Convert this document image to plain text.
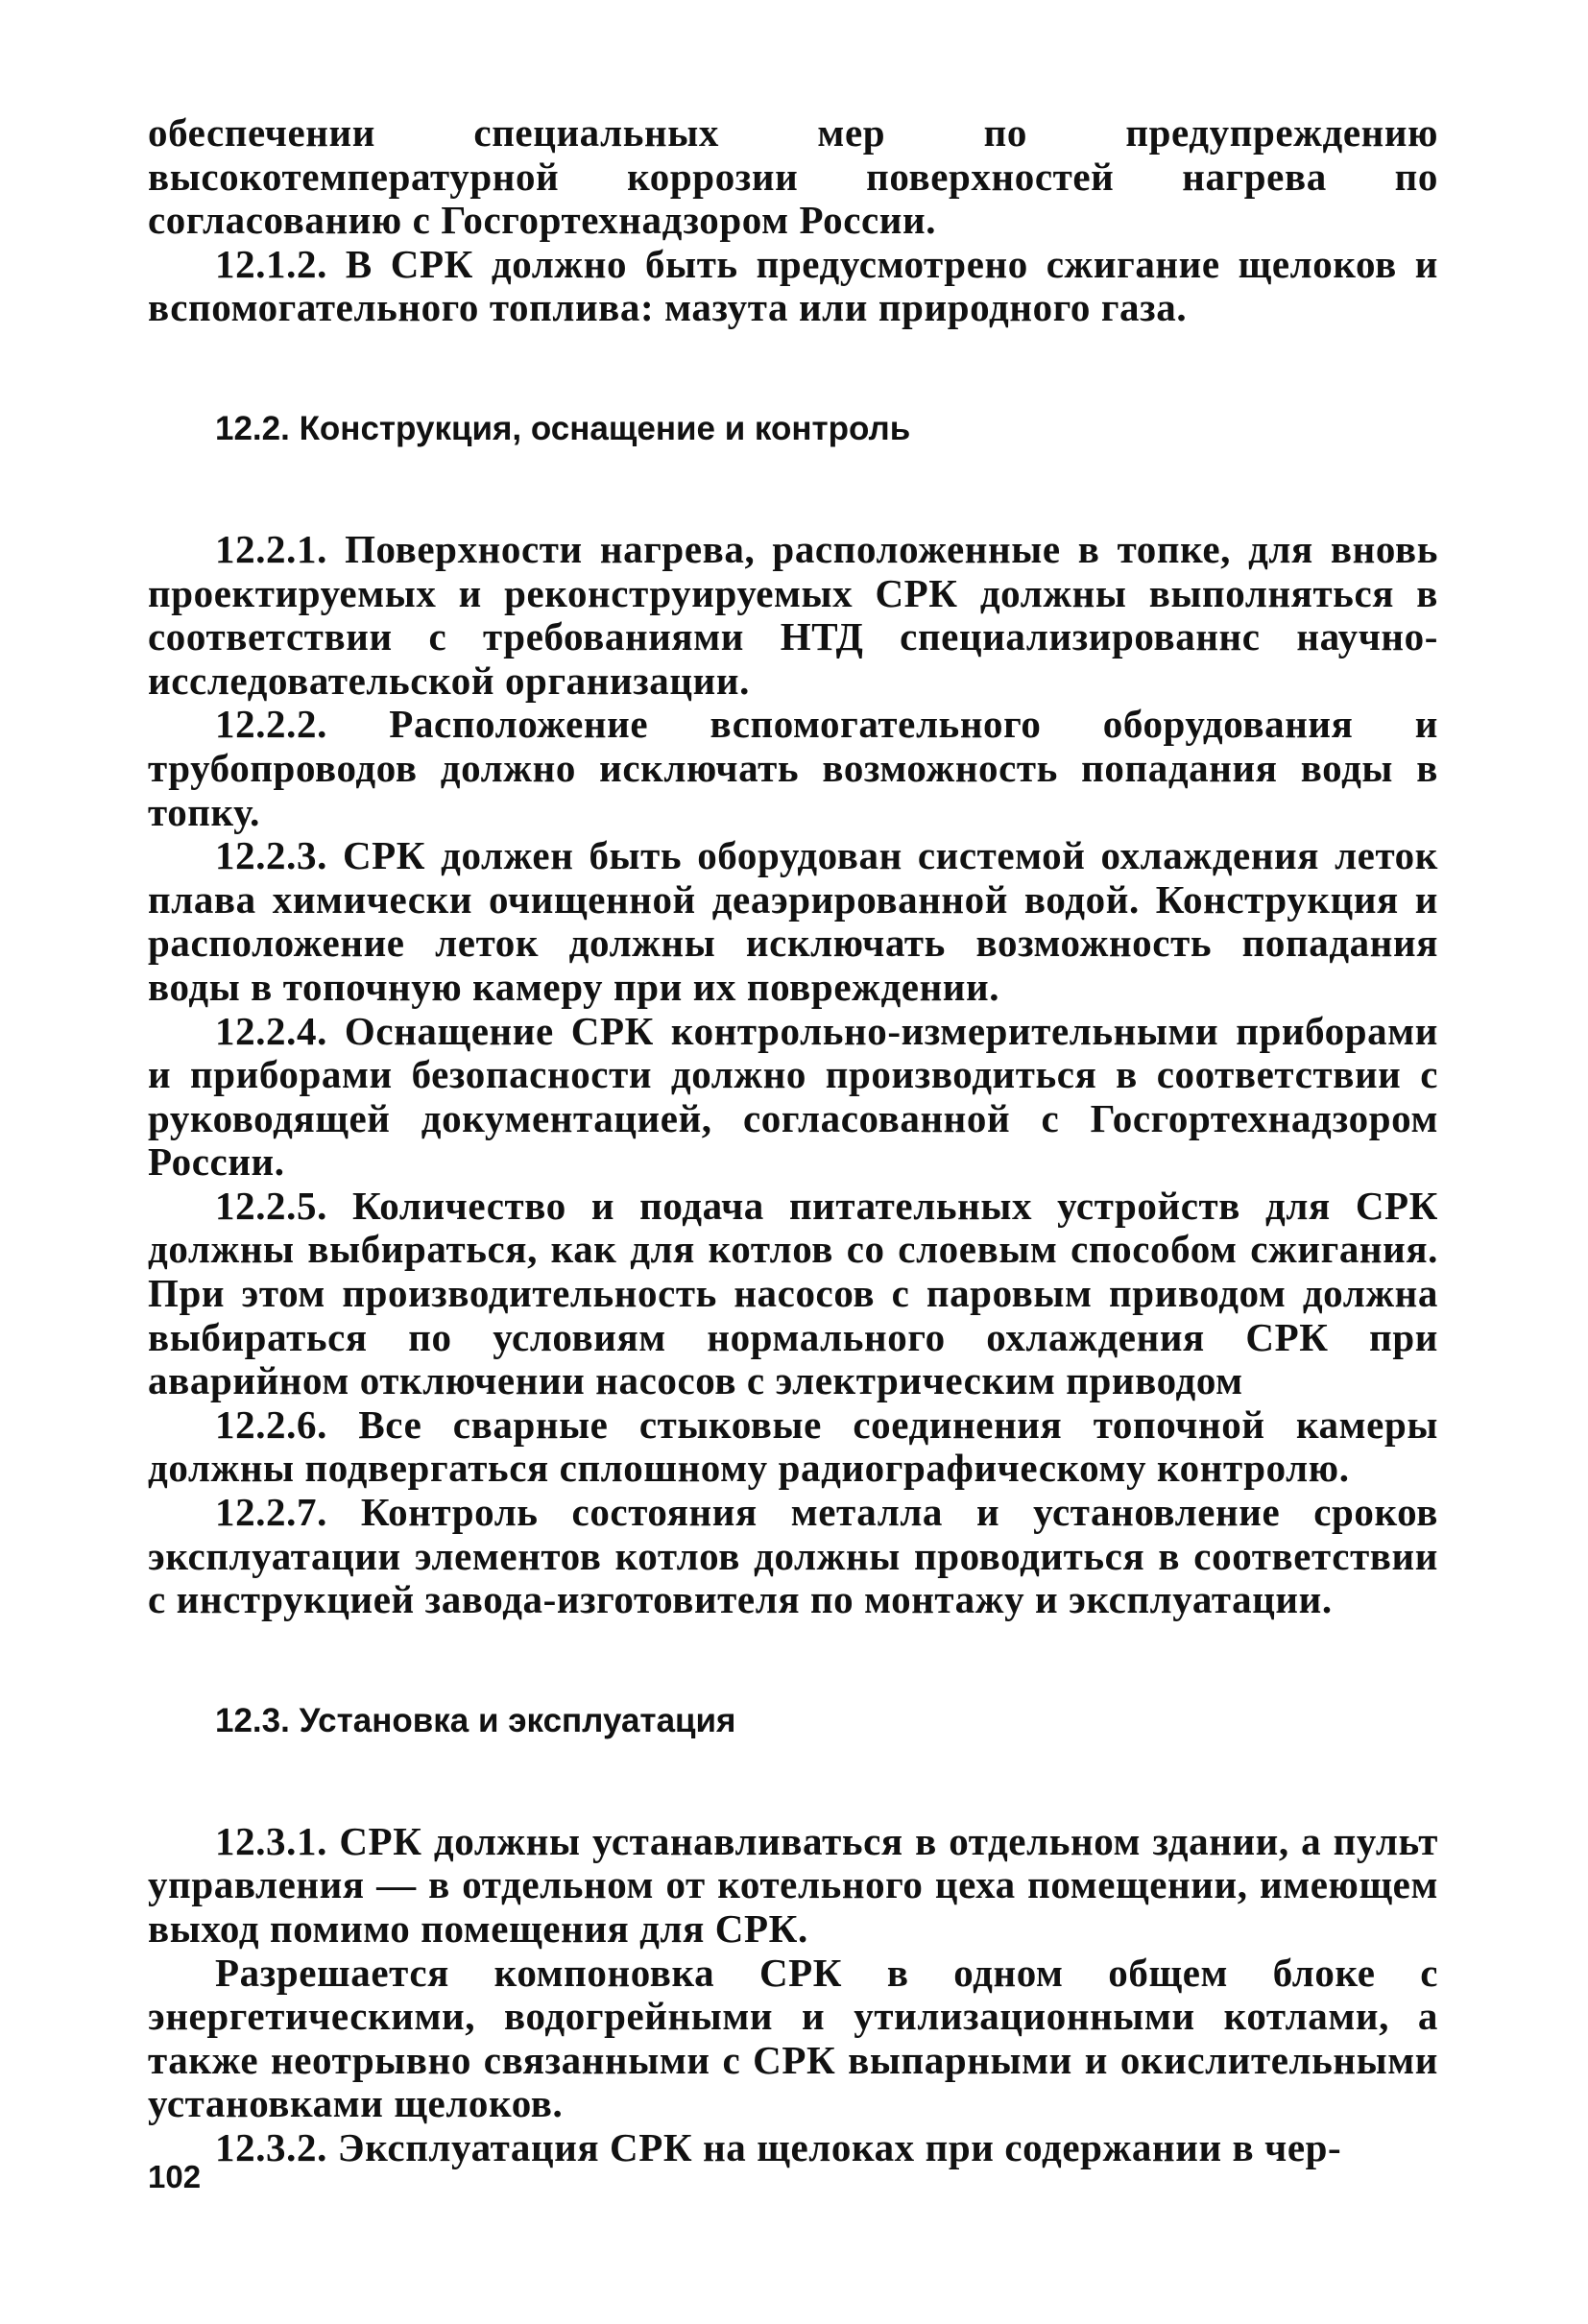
обеспечении специальных мер по предупреждению высокотемпературной коррозии поверхностей нагрева по согласованию с Госгортехнадзором России.

12.1.2. В СРК должно быть предусмотрено сжигание щелоков и вспомогательного топлива: мазута или природного газа.

12.2. Конструкция, оснащение и контроль

12.2.1. Поверхности нагрева, расположенные в топке, для вновь проектируемых и реконструируемых СРК должны выполняться в соответствии с требованиями НТД специализированнс научно-исследовательской организации.

12.2.2. Расположение вспомогательного оборудования и трубопроводов должно исключать возможность попадания воды в топку.

12.2.3. СРК должен быть оборудован системой охлаждения леток плава химически очищенной деаэрированной водой. Конструкция и расположение леток должны исключать возможность попадания воды в топочную камеру при их повреждении.

12.2.4. Оснащение СРК контрольно-измерительными приборами и приборами безопасности должно производиться в соответствии с руководящей документацией, согласованной с Госгортехнадзором России.

12.2.5. Количество и подача питательных устройств для СРК должны выбираться, как для котлов со слоевым способом сжигания. При этом производительность насосов с паровым приводом должна выбираться по условиям нормального охлаждения СРК при аварийном отключении насосов с электрическим приводом

12.2.6. Все сварные стыковые соединения топочной камеры должны подвергаться сплошному радиографическому контролю.

12.2.7. Контроль состояния металла и установление сроков эксплуатации элементов котлов должны проводиться в соответствии с инструкцией завода-изготовителя по монтажу и эксплуатации.

12.3. Установка и эксплуатация

12.3.1. СРК должны устанавливаться в отдельном здании, а пульт управления — в отдельном от котельного цеха помещении, имеющем выход помимо помещения для СРК.

Разрешается компоновка СРК в одном общем блоке с энергетическими, водогрейными и утилизационными котлами, а также неотрывно связанными с СРК выпарными и окислительными установками щелоков.

12.3.2. Эксплуатация СРК на щелоках при содержании в чер-

102
